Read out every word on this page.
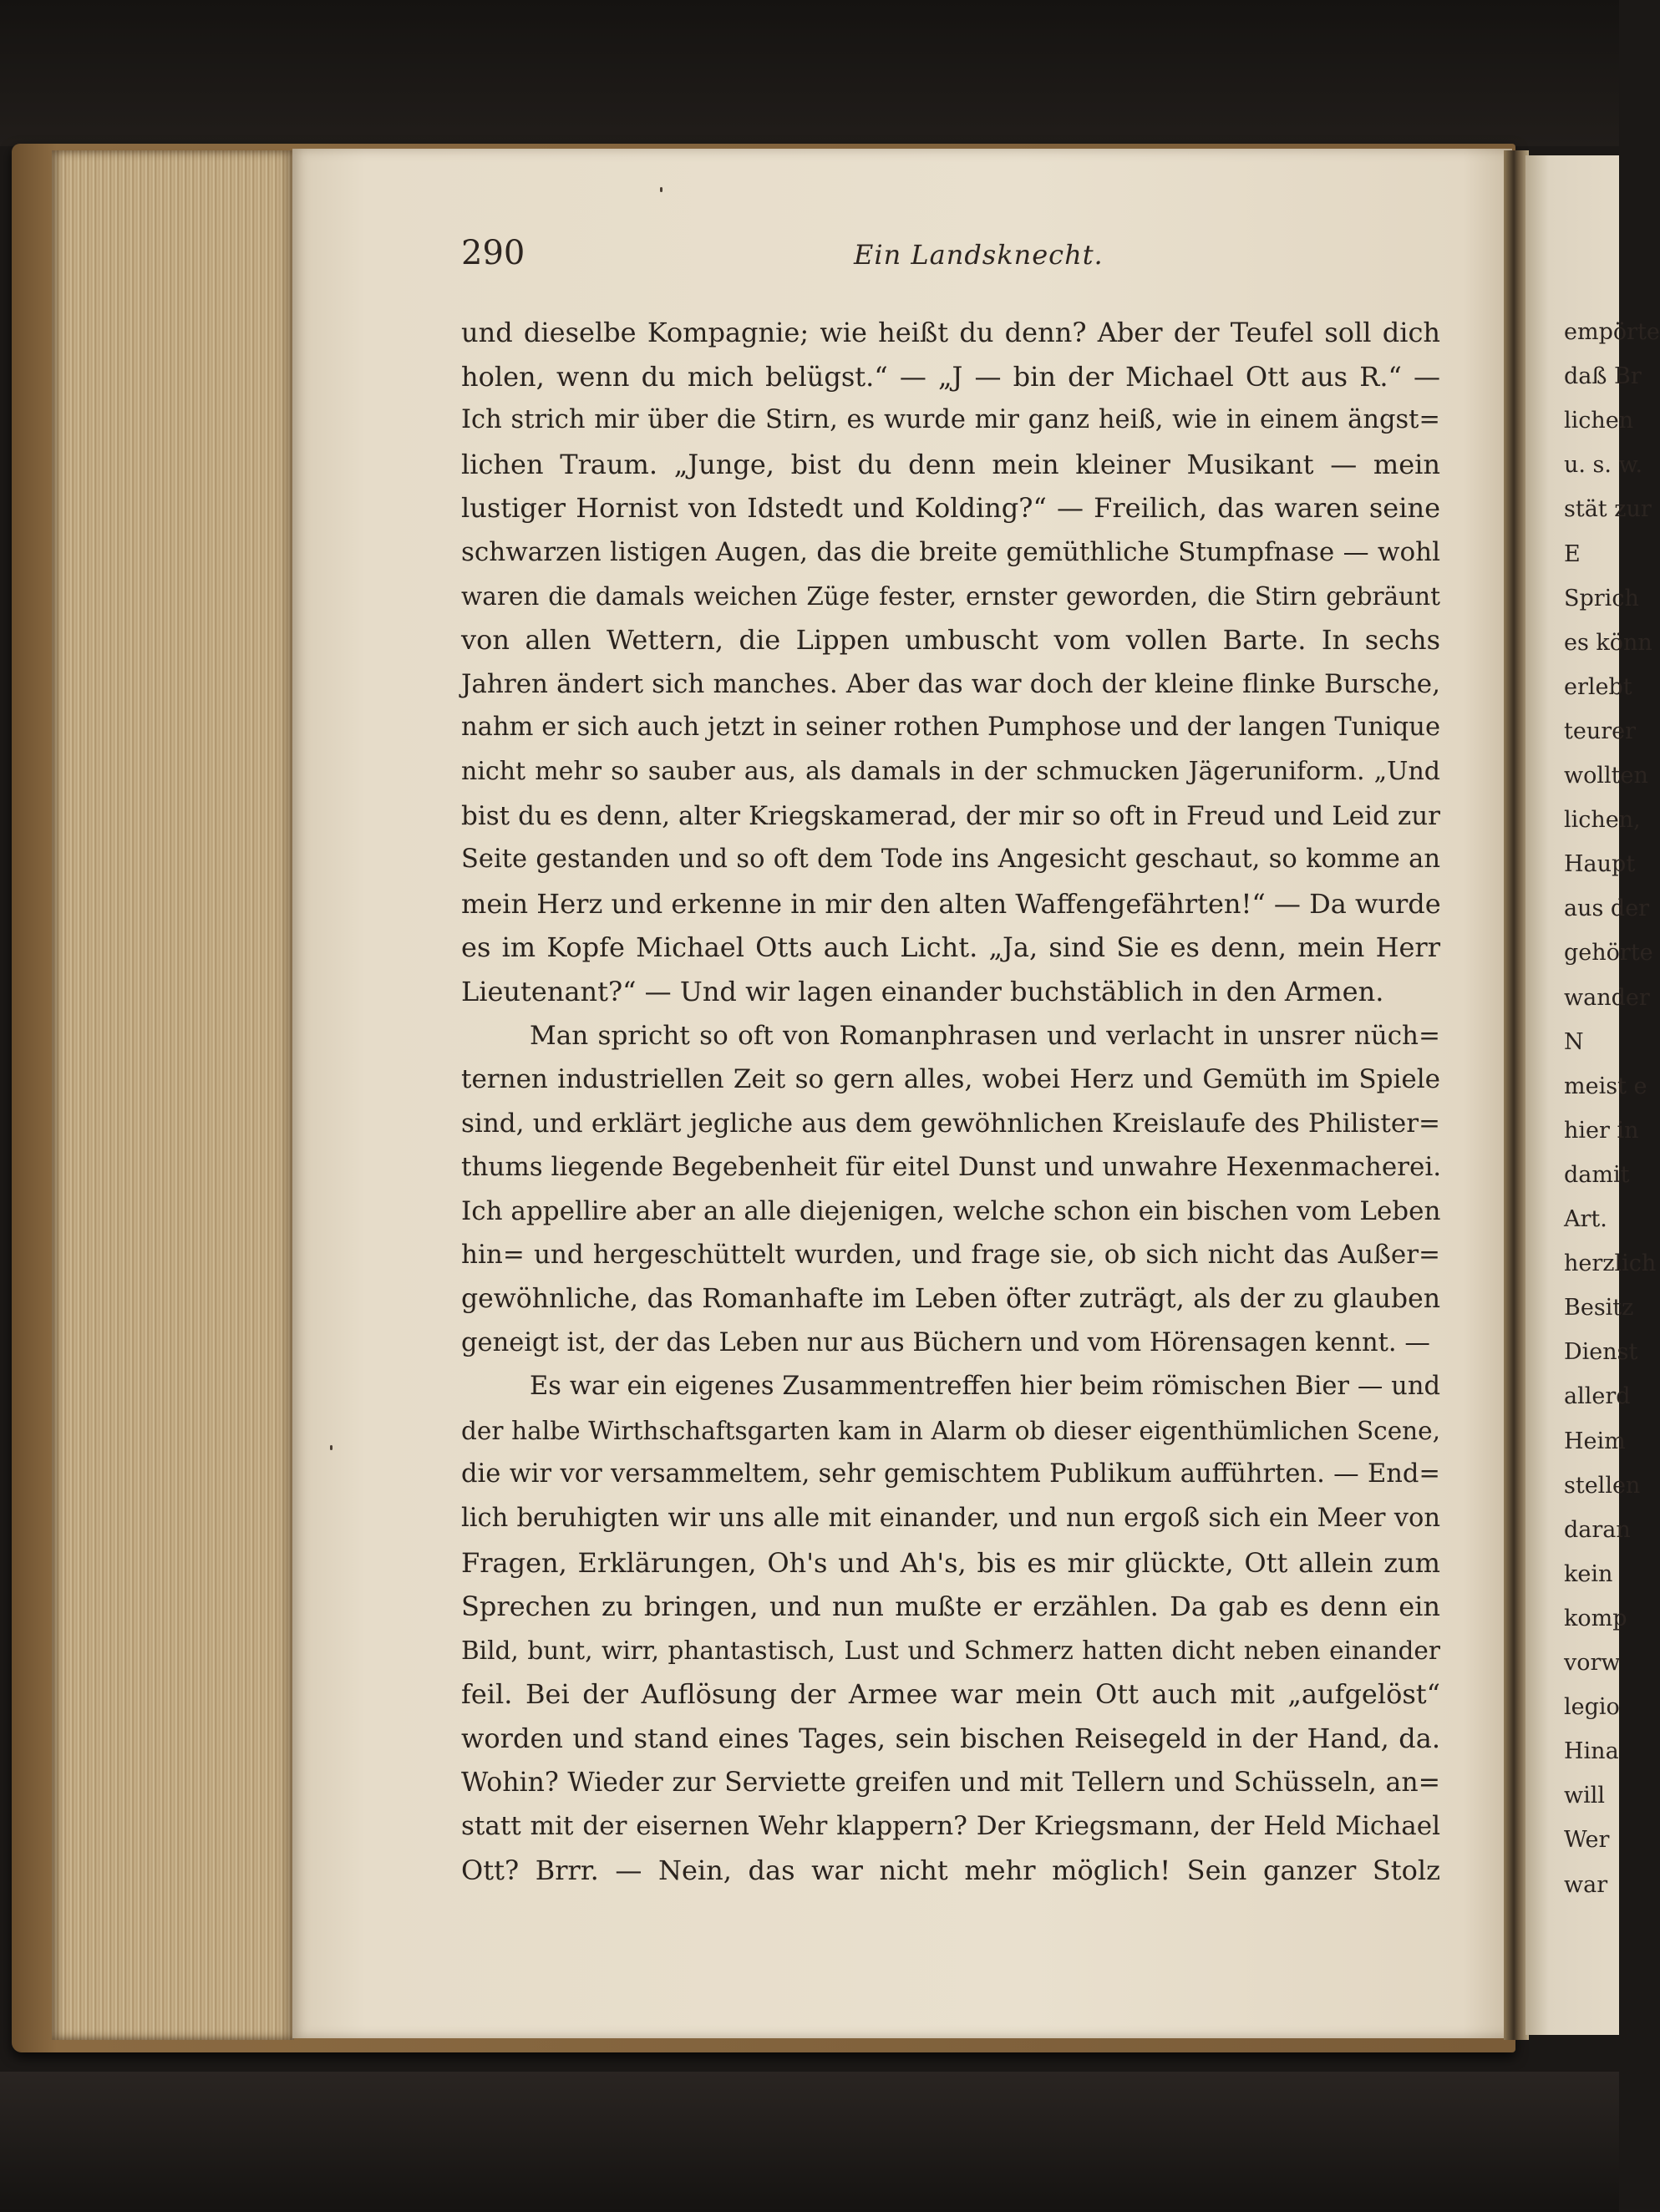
empörte
daß Br
lichen
u. s. w.
stät zur
E
Sprich
es könn
erlebt
teurer
wollten
lichen,
Haupt
aus der
gehörte
wander
N
meist e
hier in
damit
Art.
herzlich
Besitz
Dienst
allerd
Heim
stellen
daran
kein
komp
vorw
legio
Hina
will
Wer
war
290	Ein Landsknecht.
und dieselbe Kompagnie; wie heißt du denn? Aber der Teufel soll dich
holen, wenn du mich belügst.“ — „J — bin der Michael Ott aus R.“ —
Ich strich mir über die Stirn, es wurde mir ganz heiß, wie in einem ängst=
lichen Traum. „Junge, bist du denn mein kleiner Musikant — mein
lustiger Hornist von Idstedt und Kolding?“ — Freilich, das waren seine
schwarzen listigen Augen, das die breite gemüthliche Stumpfnase — wohl
waren die damals weichen Züge fester, ernster geworden, die Stirn gebräunt
von allen Wettern, die Lippen umbuscht vom vollen Barte. In sechs
Jahren ändert sich manches. Aber das war doch der kleine flinke Bursche,
nahm er sich auch jetzt in seiner rothen Pumphose und der langen Tunique
nicht mehr so sauber aus, als damals in der schmucken Jägeruniform. „Und
bist du es denn, alter Kriegskamerad, der mir so oft in Freud und Leid zur
Seite gestanden und so oft dem Tode ins Angesicht geschaut, so komme an
mein Herz und erkenne in mir den alten Waffengefährten!“ — Da wurde
es im Kopfe Michael Otts auch Licht. „Ja, sind Sie es denn, mein Herr
Lieutenant?“ — Und wir lagen einander buchstäblich in den Armen.
Man spricht so oft von Romanphrasen und verlacht in unsrer nüch=
ternen industriellen Zeit so gern alles, wobei Herz und Gemüth im Spiele
sind, und erklärt jegliche aus dem gewöhnlichen Kreislaufe des Philister=
thums liegende Begebenheit für eitel Dunst und unwahre Hexenmacherei.
Ich appellire aber an alle diejenigen, welche schon ein bischen vom Leben
hin= und hergeschüttelt wurden, und frage sie, ob sich nicht das Außer=
gewöhnliche, das Romanhafte im Leben öfter zuträgt, als der zu glauben
geneigt ist, der das Leben nur aus Büchern und vom Hörensagen kennt. —
Es war ein eigenes Zusammentreffen hier beim römischen Bier — und
der halbe Wirthschaftsgarten kam in Alarm ob dieser eigenthümlichen Scene,
die wir vor versammeltem, sehr gemischtem Publikum aufführten. — End=
lich beruhigten wir uns alle mit einander, und nun ergoß sich ein Meer von
Fragen, Erklärungen, Oh's und Ah's, bis es mir glückte, Ott allein zum
Sprechen zu bringen, und nun mußte er erzählen. Da gab es denn ein
Bild, bunt, wirr, phantastisch, Lust und Schmerz hatten dicht neben einander
feil. Bei der Auflösung der Armee war mein Ott auch mit „aufgelöst“
worden und stand eines Tages, sein bischen Reisegeld in der Hand, da.
Wohin? Wieder zur Serviette greifen und mit Tellern und Schüsseln, an=
statt mit der eisernen Wehr klappern? Der Kriegsmann, der Held Michael
Ott? Brrr. — Nein, das war nicht mehr möglich! Sein ganzer Stolz
